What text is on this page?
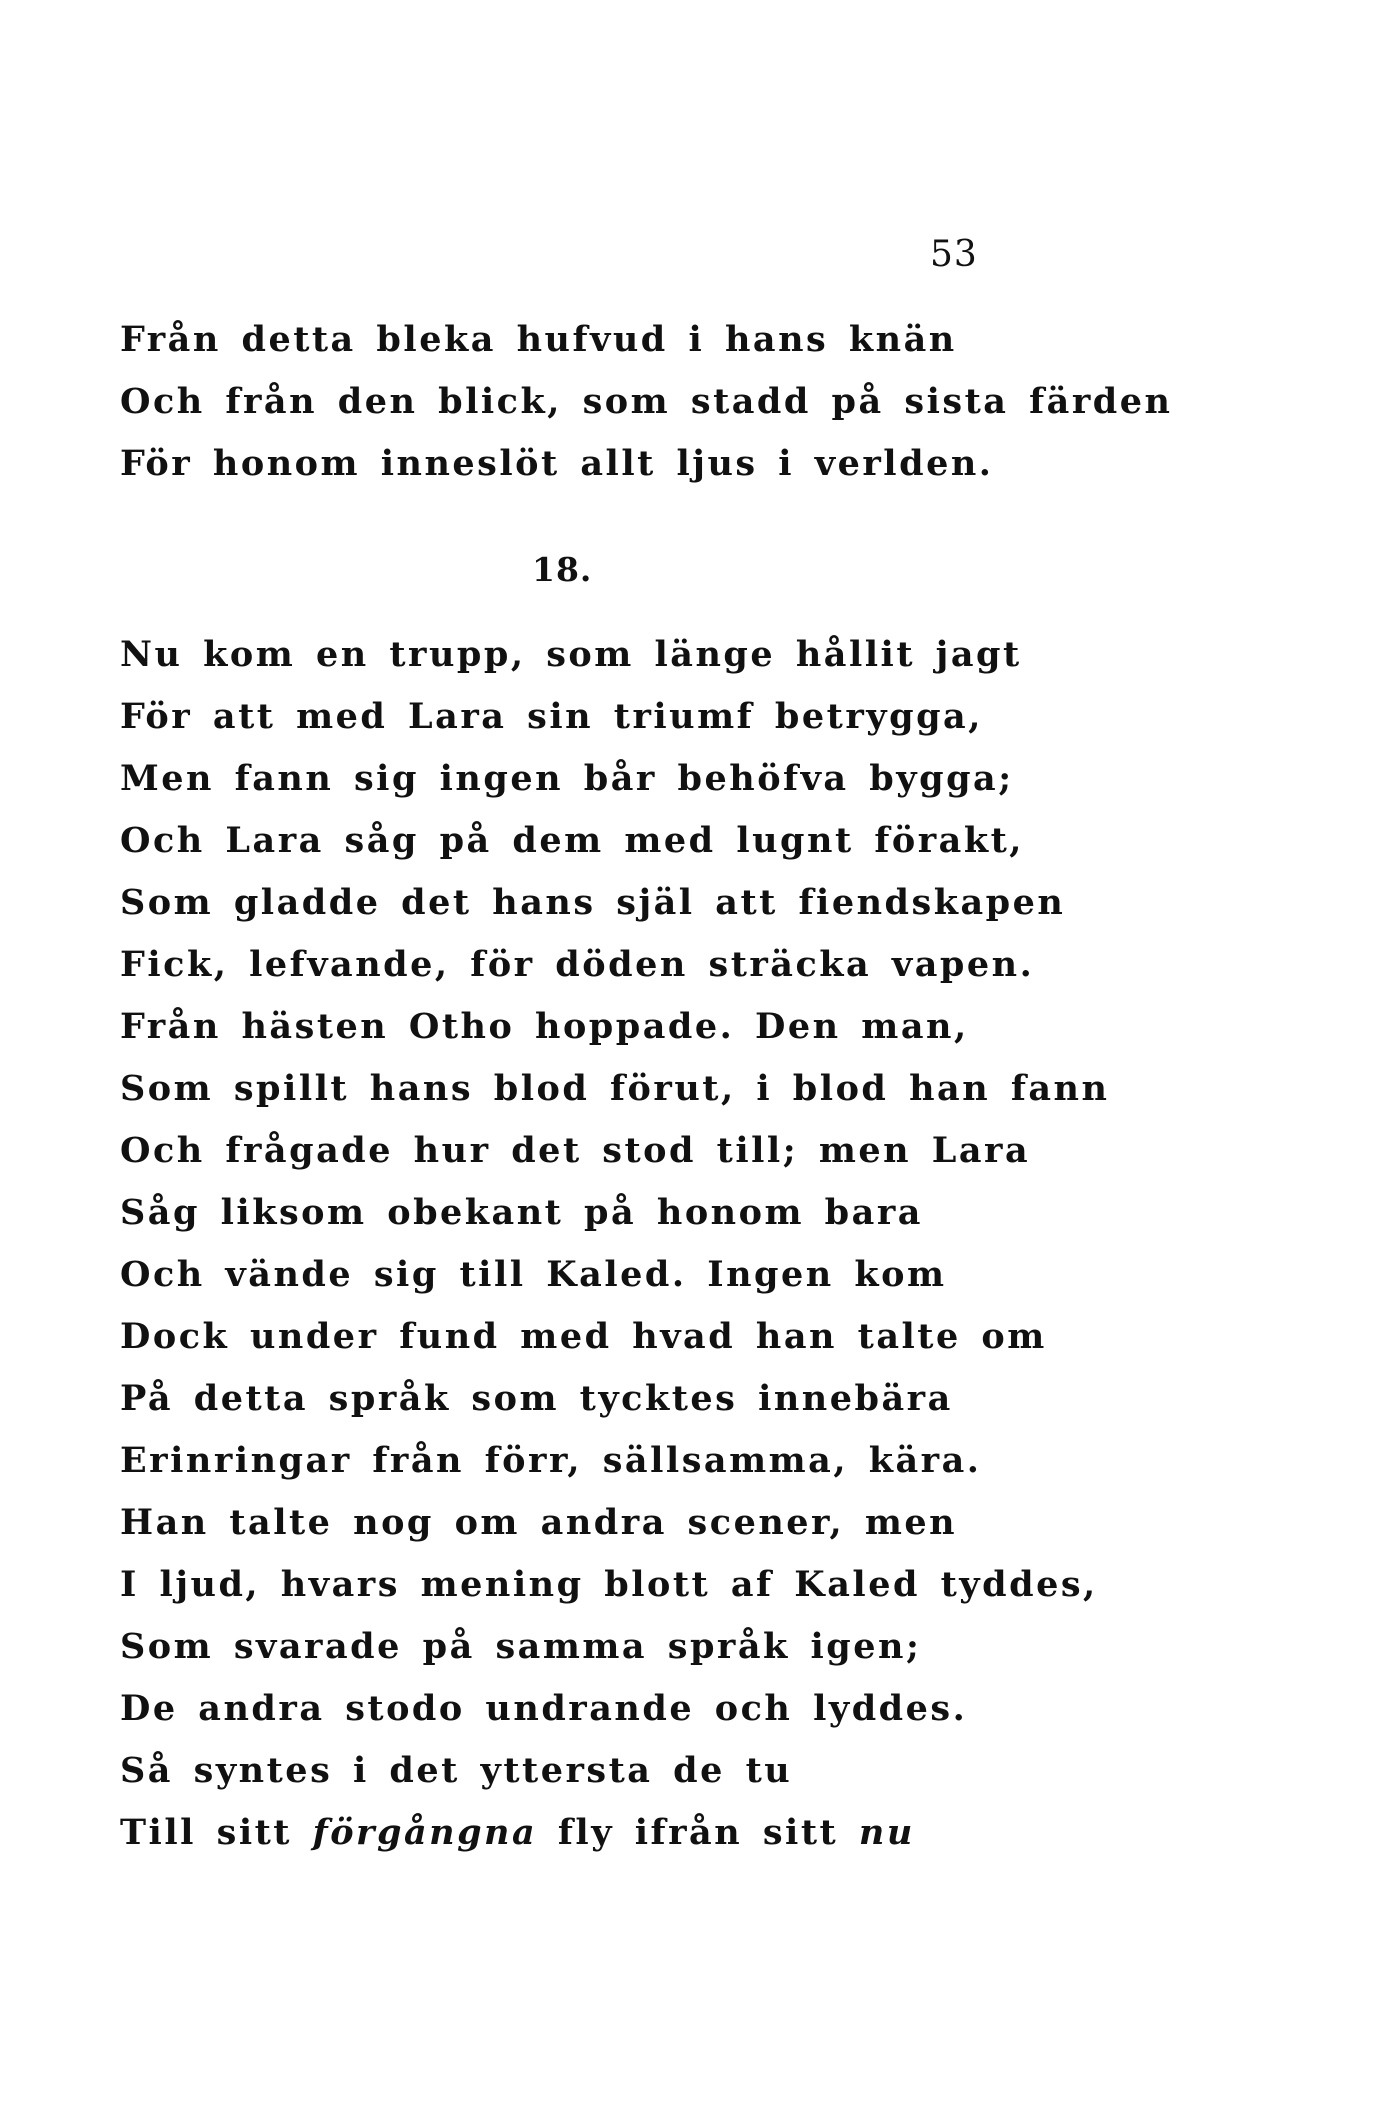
53
Från detta bleka hufvud i hans knän
Och från den blick, som stadd på sista färden
För honom inneslöt allt ljus i verlden.
18.
Nu kom en trupp, som länge hållit jagt
För att med Lara sin triumf betrygga,
Men fann sig ingen bår behöfva bygga;
Och Lara såg på dem med lugnt förakt,
Som gladde det hans själ att fiendskapen
Fick, lefvande, för döden sträcka vapen.
Från hästen Otho hoppade. Den man,
Som spillt hans blod förut, i blod han fann
Och frågade hur det stod till; men Lara
Såg liksom obekant på honom bara
Och vände sig till Kaled. Ingen kom
Dock under fund med hvad han talte om
På detta språk som tycktes innebära
Erinringar från förr, sällsamma, kära.
Han talte nog om andra scener, men
I ljud, hvars mening blott af Kaled tyddes,
Som svarade på samma språk igen;
De andra stodo undrande och lyddes.
Så syntes i det yttersta de tu
Till sitt förgångna fly ifrån sitt nu
